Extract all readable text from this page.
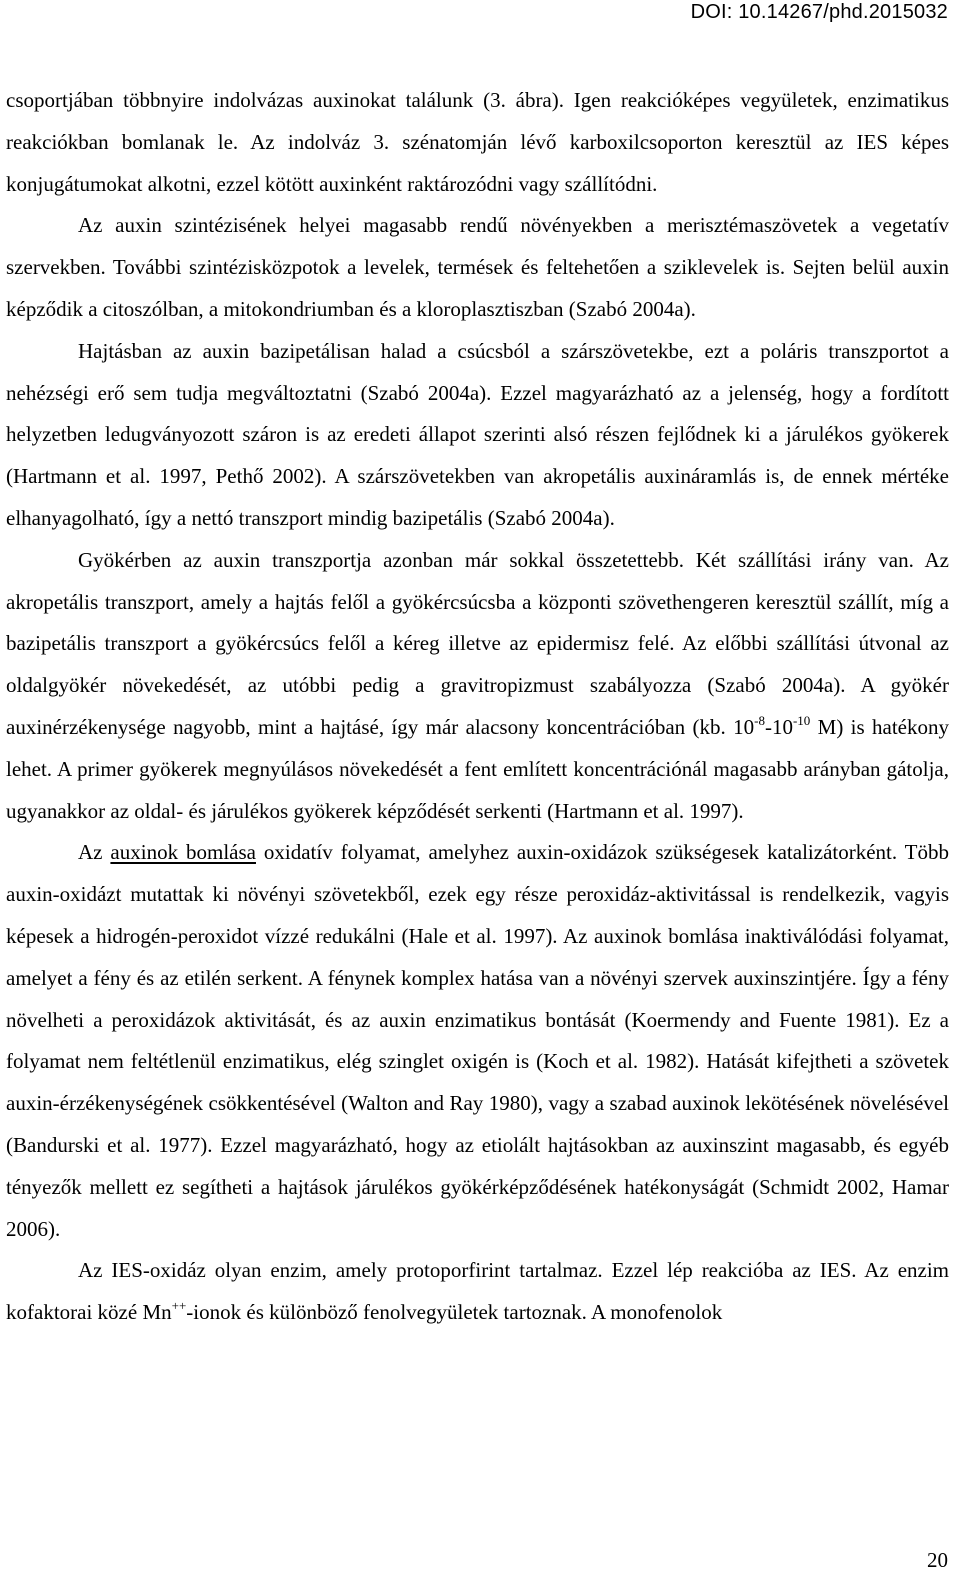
DOI: 10.14267/phd.2015032

csoportjában többnyire indolvázas auxinokat találunk (3. ábra). Igen reakcióképes vegyületek, enzimatikus reakciókban bomlanak le. Az indolváz 3. szénatomján lévő karboxilcsoporton keresztül az IES képes konjugátumokat alkotni, ezzel kötött auxinként raktározódni vagy szállítódni.

Az auxin szintézisének helyei magasabb rendű növényekben a merisztémaszövetek a vegetatív szervekben. További szintézisközpotok a levelek, termések és feltehetően a sziklevelek is. Sejten belül auxin képződik a citoszólban, a mitokondriumban és a kloroplasztiszban (Szabó 2004a).

Hajtásban az auxin bazipetálisan halad a csúcsból a szárszövetekbe, ezt a poláris transzportot a nehézségi erő sem tudja megváltoztatni (Szabó 2004a). Ezzel magyarázható az a jelenség, hogy a fordított helyzetben ledugványozott száron is az eredeti állapot szerinti alsó részen fejlődnek ki a járulékos gyökerek (Hartmann et al. 1997, Pethő 2002). A szárszövetekben van akropetális auxináramlás is, de ennek mértéke elhanyagolható, így a nettó transzport mindig bazipetális (Szabó 2004a).

Gyökérben az auxin transzportja azonban már sokkal összetettebb. Két szállítási irány van. Az akropetális transzport, amely a hajtás felől a gyökércsúcsba a központi szövethengeren keresztül szállít, míg a bazipetális transzport a gyökércsúcs felől a kéreg illetve az epidermisz felé. Az előbbi szállítási útvonal az oldalgyökér növekedését, az utóbbi pedig a gravitropizmust szabályozza (Szabó 2004a). A gyökér auxinérzékenysége nagyobb, mint a hajtásé, így már alacsony koncentrációban (kb. $10^{-8}-10^{-10}$ M) is hatékony lehet. A primer gyökerek megnyúlásos növekedését a fent említett koncentrációnál magasabb arányban gátolja, ugyanakkor az oldal- és járulékos gyökerek képződését serkenti (Hartmann et al. 1997).

Az auxinok bomlása oxidatív folyamat, amelyhez auxin-oxidázok szükségesek katalizátorként. Több auxin-oxidázt mutattak ki növényi szövetekből, ezek egy része peroxidáz-aktivitással is rendelkezik, vagyis képesek a hidrogén-peroxidot vízzé redukálni (Hale et al. 1997). Az auxinok bomlása inaktiválódási folyamat, amelyet a fény és az etilén serkent. A fénynek komplex hatása van a növényi szervek auxinszintjére. Így a fény növelheti a peroxidázok aktivitását, és az auxin enzimatikus bontását (Koermendy and Fuente 1981). Ez a folyamat nem feltétlenül enzimatikus, elég szinglet oxigén is (Koch et al. 1982). Hatását kifejtheti a szövetek auxin-érzékenységének csökkentésével (Walton and Ray 1980), vagy a szabad auxinok lekötésének növelésével (Bandurski et al. 1977). Ezzel magyarázható, hogy az etiolált hajtásokban az auxinszint magasabb, és egyéb tényezők mellett ez segítheti a hajtások járulékos gyökérképződésének hatékonyságát (Schmidt 2002, Hamar 2006).

Az IES-oxidáz olyan enzim, amely protoporfirint tartalmaz. Ezzel lép reakcióba az IES. Az enzim kofaktorai közé Mn++-ionok és különböző fenolvegyületek tartoznak. A monofenolok

20
